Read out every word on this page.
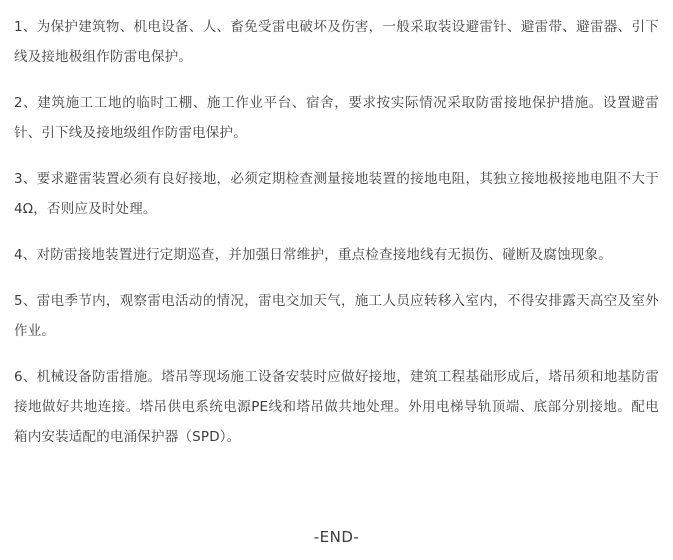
1、为保护建筑物、机电设备、人、畜免受雷电破坏及伤害，一般采取装设避雷针、避雷带、避雷器、引下线及接地极组作防雷电保护。

2、建筑施工工地的临时工棚、施工作业平台、宿舍，要求按实际情况采取防雷接地保护措施。设置避雷针、引下线及接地级组作防雷电保护。

3、要求避雷装置必须有良好接地，必须定期检查测量接地装置的接地电阻，其独立接地极接地电阻不大于4Ω，否则应及时处理。

4、对防雷接地装置进行定期巡查，并加强日常维护，重点检查接地线有无损伤、碰断及腐蚀现象。

5、雷电季节内，观察雷电活动的情况，雷电交加天气，施工人员应转移入室内，不得安排露天高空及室外作业。

6、机械设备防雷措施。塔吊等现场施工设备安装时应做好接地，建筑工程基础形成后，塔吊须和地基防雷接地做好共地连接。塔吊供电系统电源PE线和塔吊做共地处理。外用电梯导轨顶端、底部分别接地。配电箱内安装适配的电涌保护器（SPD）。

-END-
